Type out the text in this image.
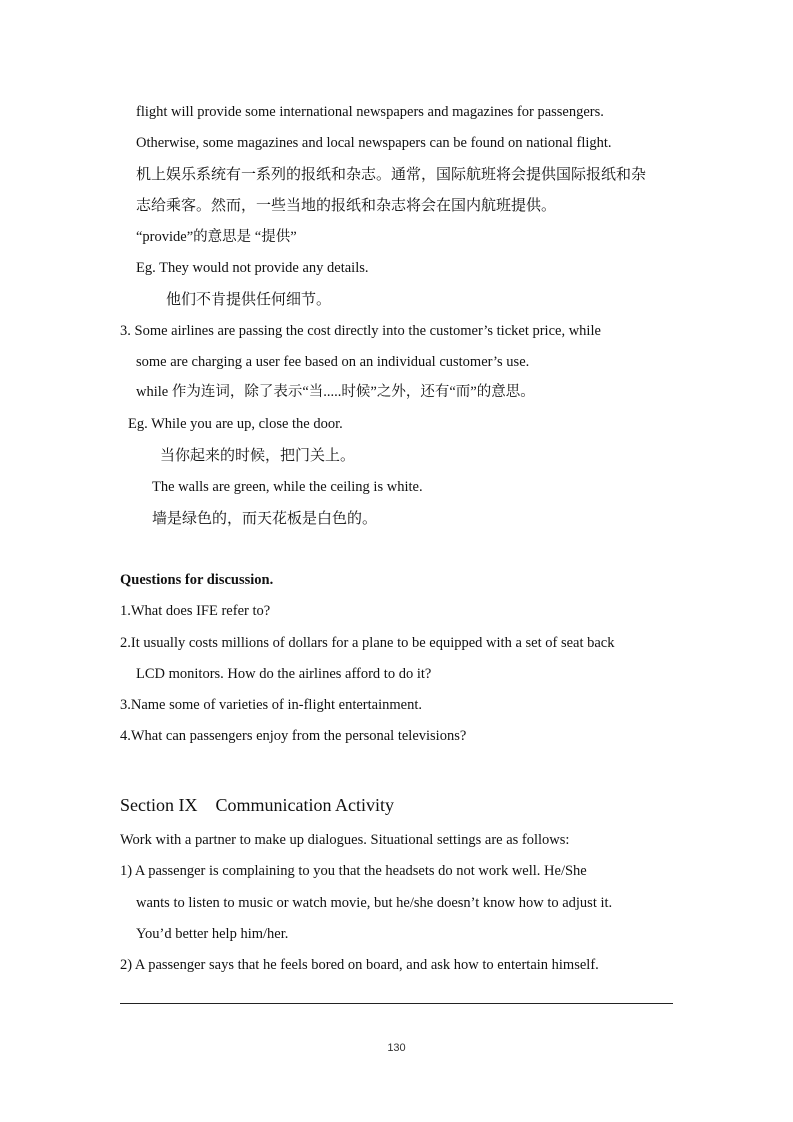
flight will provide some international newspapers and magazines for passengers.
Otherwise, some magazines and local newspapers can be found on national flight.
机上娱乐系统有一系列的报纸和杂志。通常，国际航班将会提供国际报纸和杂
志给乘客。然而，一些当地的报纸和杂志将会在国内航班提供。
“provide”的意思是 “提供”
Eg. They would not provide any details.
他们不肯提供任何细节。
3. Some airlines are passing the cost directly into the customer’s ticket price, while
some are charging a user fee based on an individual customer’s use.
while 作为连词，除了表示“当.....时候”之外，还有“而”的意思。
Eg. While you are up, close the door.
当你起来的时候，把门关上。
The walls are green, while the ceiling is white.
墙是绿色的，而天花板是白色的。
Questions for discussion.
1.What does IFE refer to?
2.It usually costs millions of dollars for a plane to be equipped with a set of seat back
LCD monitors. How do the airlines afford to do it?
3.Name some of varieties of in-flight entertainment.
4.What can passengers enjoy from the personal televisions?
Section IX Communication Activity
Work with a partner to make up dialogues. Situational settings are as follows:
1) A passenger is complaining to you that the headsets do not work well. He/She
wants to listen to music or watch movie, but he/she doesn’t know how to adjust it.
You’d better help him/her.
2) A passenger says that he feels bored on board, and ask how to entertain himself.
130
